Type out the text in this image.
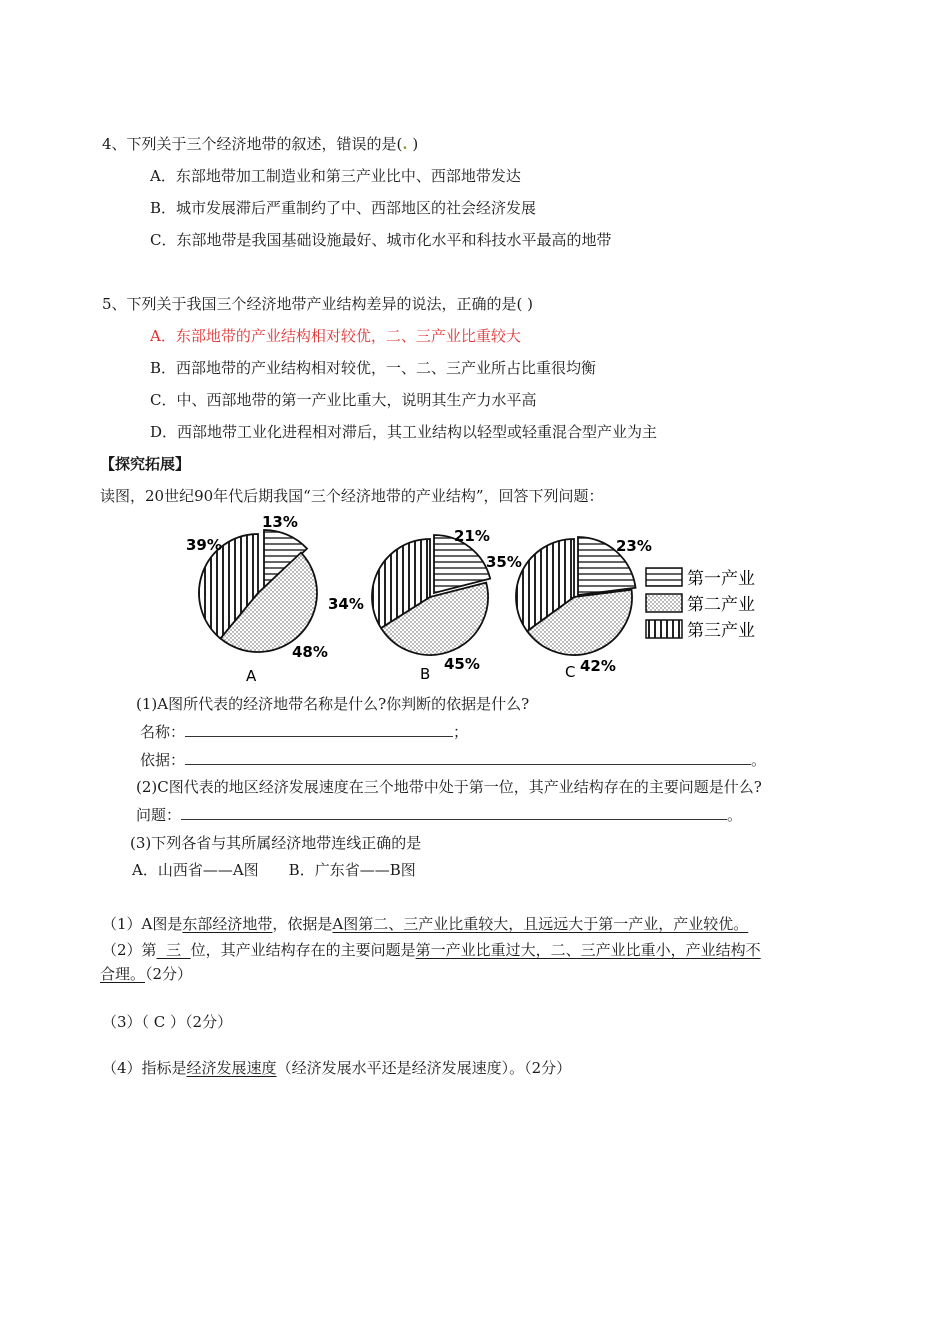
4、下列关于三个经济地带的叙述，错误的是(. )
A．东部地带加工制造业和第三产业比中、西部地带发达
B．城市发展滞后严重制约了中、西部地区的社会经济发展
C．东部地带是我国基础设施最好、城市化水平和科技水平最高的地带
5、下列关于我国三个经济地带产业结构差异的说法，正确的是( )
A．东部地带的产业结构相对较优，二、三产业比重较大
B．西部地带的产业结构相对较优，一、二、三产业所占比重很均衡
C．中、西部地带的第一产业比重大，说明其生产力水平高
D．西部地带工业化进程相对滞后，其工业结构以轻型或轻重混合型产业为主
【探究拓展】
读图，20世纪90年代后期我国“三个经济地带的产业结构”，回答下列问题：
13%
39%
48%
A
21%
34%
45%
B
23%
35%
42%
C
第一产业
第二产业
第三产业
(1)A图所代表的经济地带名称是什么?你判断的依据是什么?
名称：	；
依据：	。
(2)C图代表的地区经济发展速度在三个地带中处于第一位，其产业结构存在的主要问题是什么?
问题：	。
(3)下列各省与其所属经济地带连线正确的是
A．山西省——A图 B．广东省——B图
（1）A图是东部经济地带，依据是A图第二、三产业比重较大，且远远大于第一产业，产业较优。
（2）第  三  位，其产业结构存在的主要问题是第一产业比重过大，二、三产业比重小，产业结构不
合理。（2分）
（3）（ C ）（2分）
（4）指标是经济发展速度（经济发展水平还是经济发展速度）。（2分）
